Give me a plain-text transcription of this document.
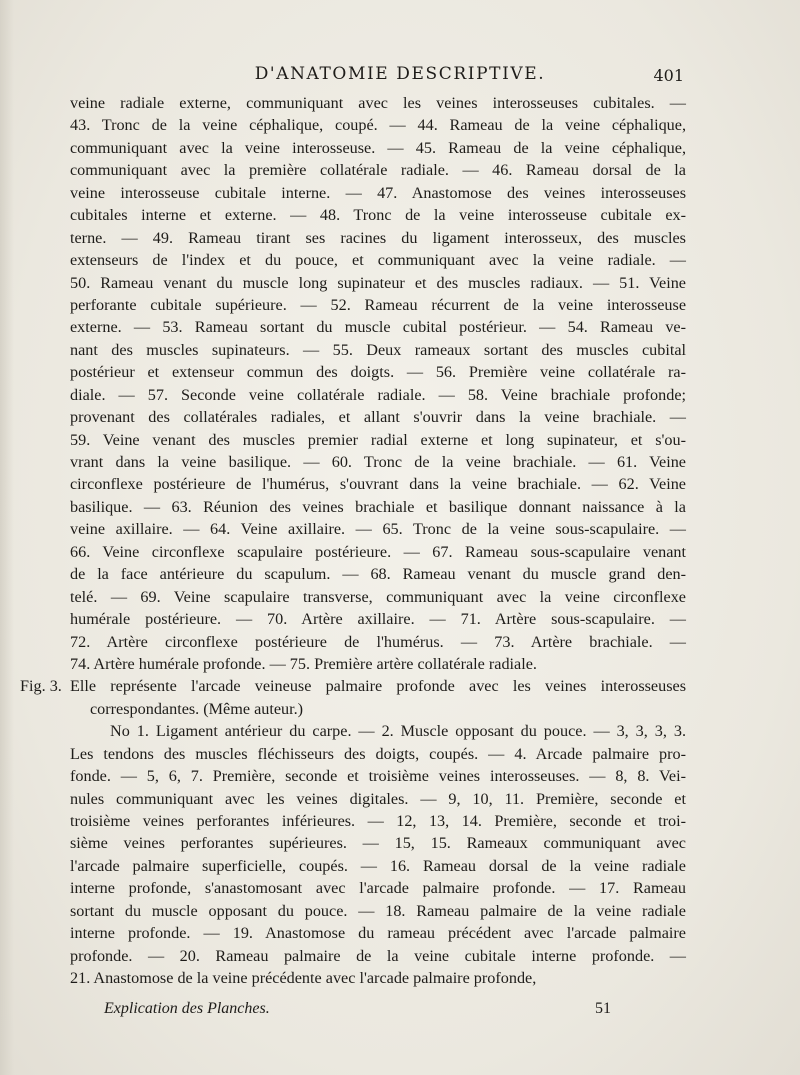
D'ANATOMIE DESCRIPTIVE.	401
veine radiale externe, communiquant avec les veines interosseuses cubitales. —
43. Tronc de la veine céphalique, coupé. — 44. Rameau de la veine céphalique,
communiquant avec la veine interosseuse. — 45. Rameau de la veine céphalique,
communiquant avec la première collatérale radiale. — 46. Rameau dorsal de la
veine interosseuse cubitale interne. — 47. Anastomose des veines interosseuses
cubitales interne et externe. — 48. Tronc de la veine interosseuse cubitale ex-
terne. — 49. Rameau tirant ses racines du ligament interosseux, des muscles
extenseurs de l'index et du pouce, et communiquant avec la veine radiale. —
50. Rameau venant du muscle long supinateur et des muscles radiaux. — 51. Veine
perforante cubitale supérieure. — 52. Rameau récurrent de la veine interosseuse
externe. — 53. Rameau sortant du muscle cubital postérieur. — 54. Rameau ve-
nant des muscles supinateurs. — 55. Deux rameaux sortant des muscles cubital
postérieur et extenseur commun des doigts. — 56. Première veine collatérale ra-
diale. — 57. Seconde veine collatérale radiale. — 58. Veine brachiale profonde;
provenant des collatérales radiales, et allant s'ouvrir dans la veine brachiale. —
59. Veine venant des muscles premier radial externe et long supinateur, et s'ou-
vrant dans la veine basilique. — 60. Tronc de la veine brachiale. — 61. Veine
circonflexe postérieure de l'humérus, s'ouvrant dans la veine brachiale. — 62. Veine
basilique. — 63. Réunion des veines brachiale et basilique donnant naissance à la
veine axillaire. — 64. Veine axillaire. — 65. Tronc de la veine sous-scapulaire. —
66. Veine circonflexe scapulaire postérieure. — 67. Rameau sous-scapulaire venant
de la face antérieure du scapulum. — 68. Rameau venant du muscle grand den-
telé. — 69. Veine scapulaire transverse, communiquant avec la veine circonflexe
humérale postérieure. — 70. Artère axillaire. — 71. Artère sous-scapulaire. —
72. Artère circonflexe postérieure de l'humérus. — 73. Artère brachiale. —
74. Artère humérale profonde. — 75. Première artère collatérale radiale.
Fig. 3. Elle représente l'arcade veineuse palmaire profonde avec les veines interosseuses
correspondantes. (Même auteur.)
No 1. Ligament antérieur du carpe. — 2. Muscle opposant du pouce. — 3, 3, 3, 3.
Les tendons des muscles fléchisseurs des doigts, coupés. — 4. Arcade palmaire pro-
fonde. — 5, 6, 7. Première, seconde et troisième veines interosseuses. — 8, 8. Vei-
nules communiquant avec les veines digitales. — 9, 10, 11. Première, seconde et
troisième veines perforantes inférieures. — 12, 13, 14. Première, seconde et troi-
sième veines perforantes supérieures. — 15, 15. Rameaux communiquant avec
l'arcade palmaire superficielle, coupés. — 16. Rameau dorsal de la veine radiale
interne profonde, s'anastomosant avec l'arcade palmaire profonde. — 17. Rameau
sortant du muscle opposant du pouce. — 18. Rameau palmaire de la veine radiale
interne profonde. — 19. Anastomose du rameau précédent avec l'arcade palmaire
profonde. — 20. Rameau palmaire de la veine cubitale interne profonde. —
21. Anastomose de la veine précédente avec l'arcade palmaire profonde,
Explication des Planches.	51
